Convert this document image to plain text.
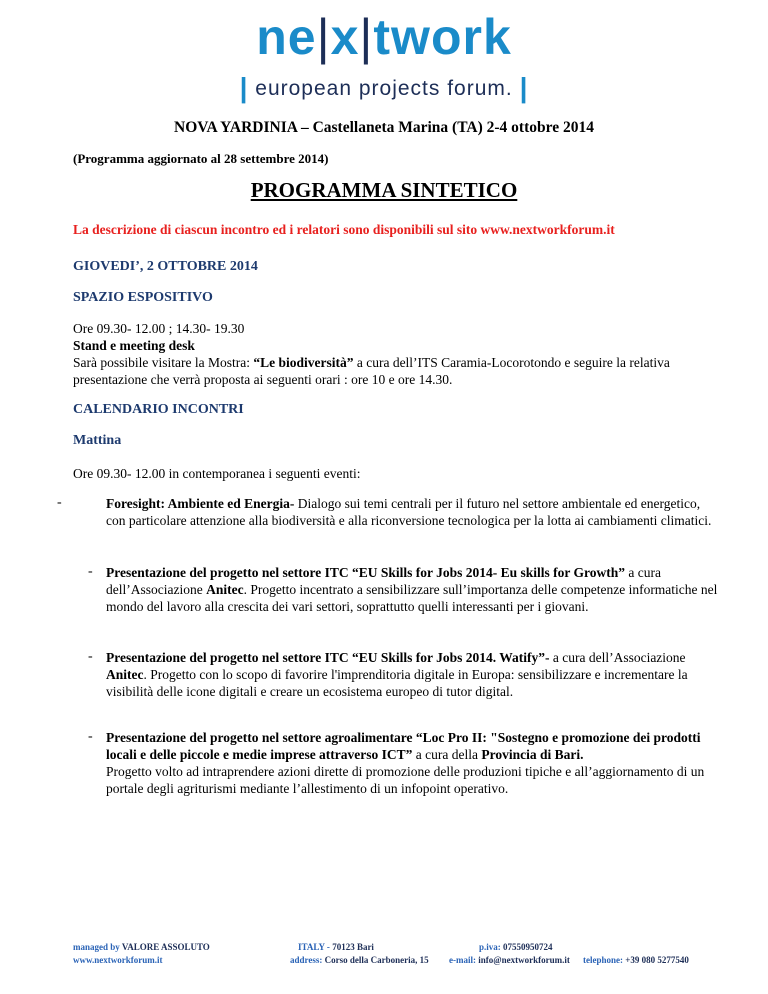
ne|x|twork
| european projects forum. |
NOVA YARDINIA – Castellaneta Marina (TA) 2-4 ottobre 2014
(Programma aggiornato al 28 settembre 2014)
PROGRAMMA SINTETICO
La descrizione di ciascun incontro ed i relatori sono disponibili sul sito www.nextworkforum.it
GIOVEDI’, 2 OTTOBRE 2014
SPAZIO ESPOSITIVO
Ore 09.30- 12.00 ; 14.30- 19.30
Stand e meeting desk
Sarà possibile visitare la Mostra: “Le biodiversità” a cura dell’ITS Caramia-Locorotondo e seguire la relativa presentazione che verrà proposta ai seguenti orari : ore 10 e ore 14.30.
CALENDARIO INCONTRI
Mattina
Ore 09.30- 12.00 in contemporanea i seguenti eventi:
-	Foresight: Ambiente ed Energia- Dialogo sui temi centrali per il futuro nel settore ambientale ed energetico, con particolare attenzione alla biodiversità e alla riconversione tecnologica per la lotta ai cambiamenti climatici.
- Presentazione del progetto nel settore ITC “EU Skills for Jobs 2014- Eu skills for Growth” a cura dell’Associazione Anitec. Progetto incentrato a sensibilizzare sull’importanza delle competenze informatiche nel mondo del lavoro alla crescita dei vari settori, soprattutto quelli interessanti per i giovani.
- Presentazione del progetto nel settore ITC “EU Skills for Jobs 2014. Watify”- a cura dell’Associazione Anitec. Progetto con lo scopo di favorire l'imprenditoria digitale in Europa: sensibilizzare e incrementare la visibilità delle icone digitali e creare un ecosistema europeo di tutor digital.
- Presentazione del progetto nel settore agroalimentare “Loc Pro II: "Sostegno e promozione dei prodotti locali e delle piccole e medie imprese attraverso ICT” a cura della Provincia di Bari.
Progetto volto ad intraprendere azioni dirette di promozione delle produzioni tipiche e all’aggiornamento di un portale degli agriturismi mediante l’allestimento di un infopoint operativo.
managed by VALORE ASSOLUTO
www.nextworkforum.it
ITALY - 70123 Bari
address: Corso della Carboneria, 15
p.iva: 07550950724
e-mail: info@nextworkforum.it telephone: +39 080 5277540
